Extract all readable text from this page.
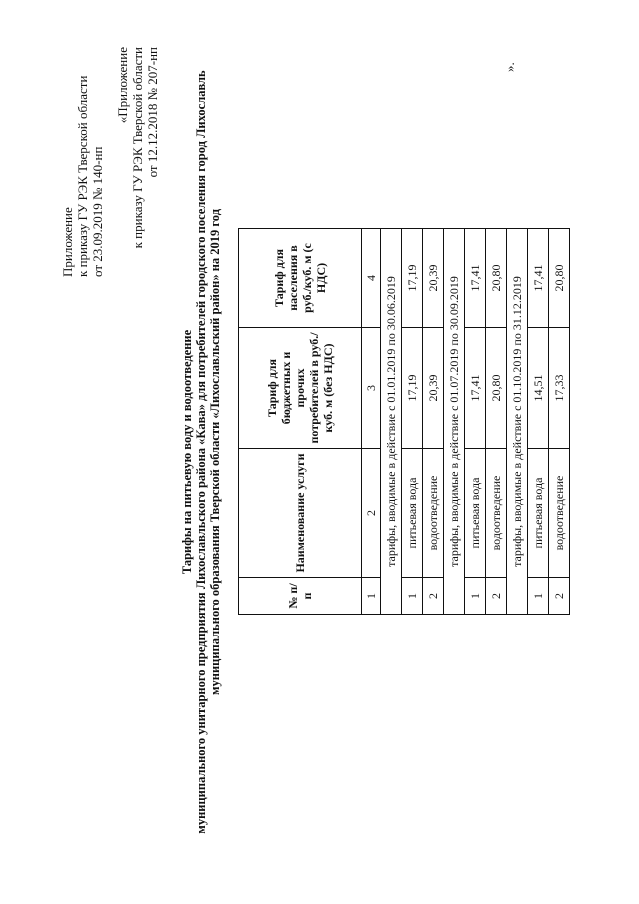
Приложение к приказу ГУ РЭК Тверской области от 23.09.2019 № 140-нп
«Приложение к приказу ГУ РЭК Тверской области от 12.12.2018 № 207-нп
Тарифы на питьевую воду и водоотведение муниципального унитарного предприятия Лихославльского района «Кава» для потребителей городского поселения город Лихославль муниципального образования Тверской области «Лихославльский район» на 2019 год	№ п/п	Наименование услуги	Тариф для бюджетных и прочих потребителей в руб./куб. м (без НДС)	Тариф для населения в руб./куб. м (с НДС)
1	2	3	4
тарифы, вводимые в действие с 01.01.2019 по 30.06.2019			
1	питьевая вода	17,19	17,19
2	водоотведение	20,39	20,39
тарифы, вводимые в действие с 01.07.2019 по 30.09.2019			
1	питьевая вода	17,41	17,41
2	водоотведение	20,80	20,80
тарифы, вводимые в действие с 01.10.2019 по 31.12.2019			
1	питьевая вода	14,51	17,41
2	водоотведение	17,33	20,80
».
